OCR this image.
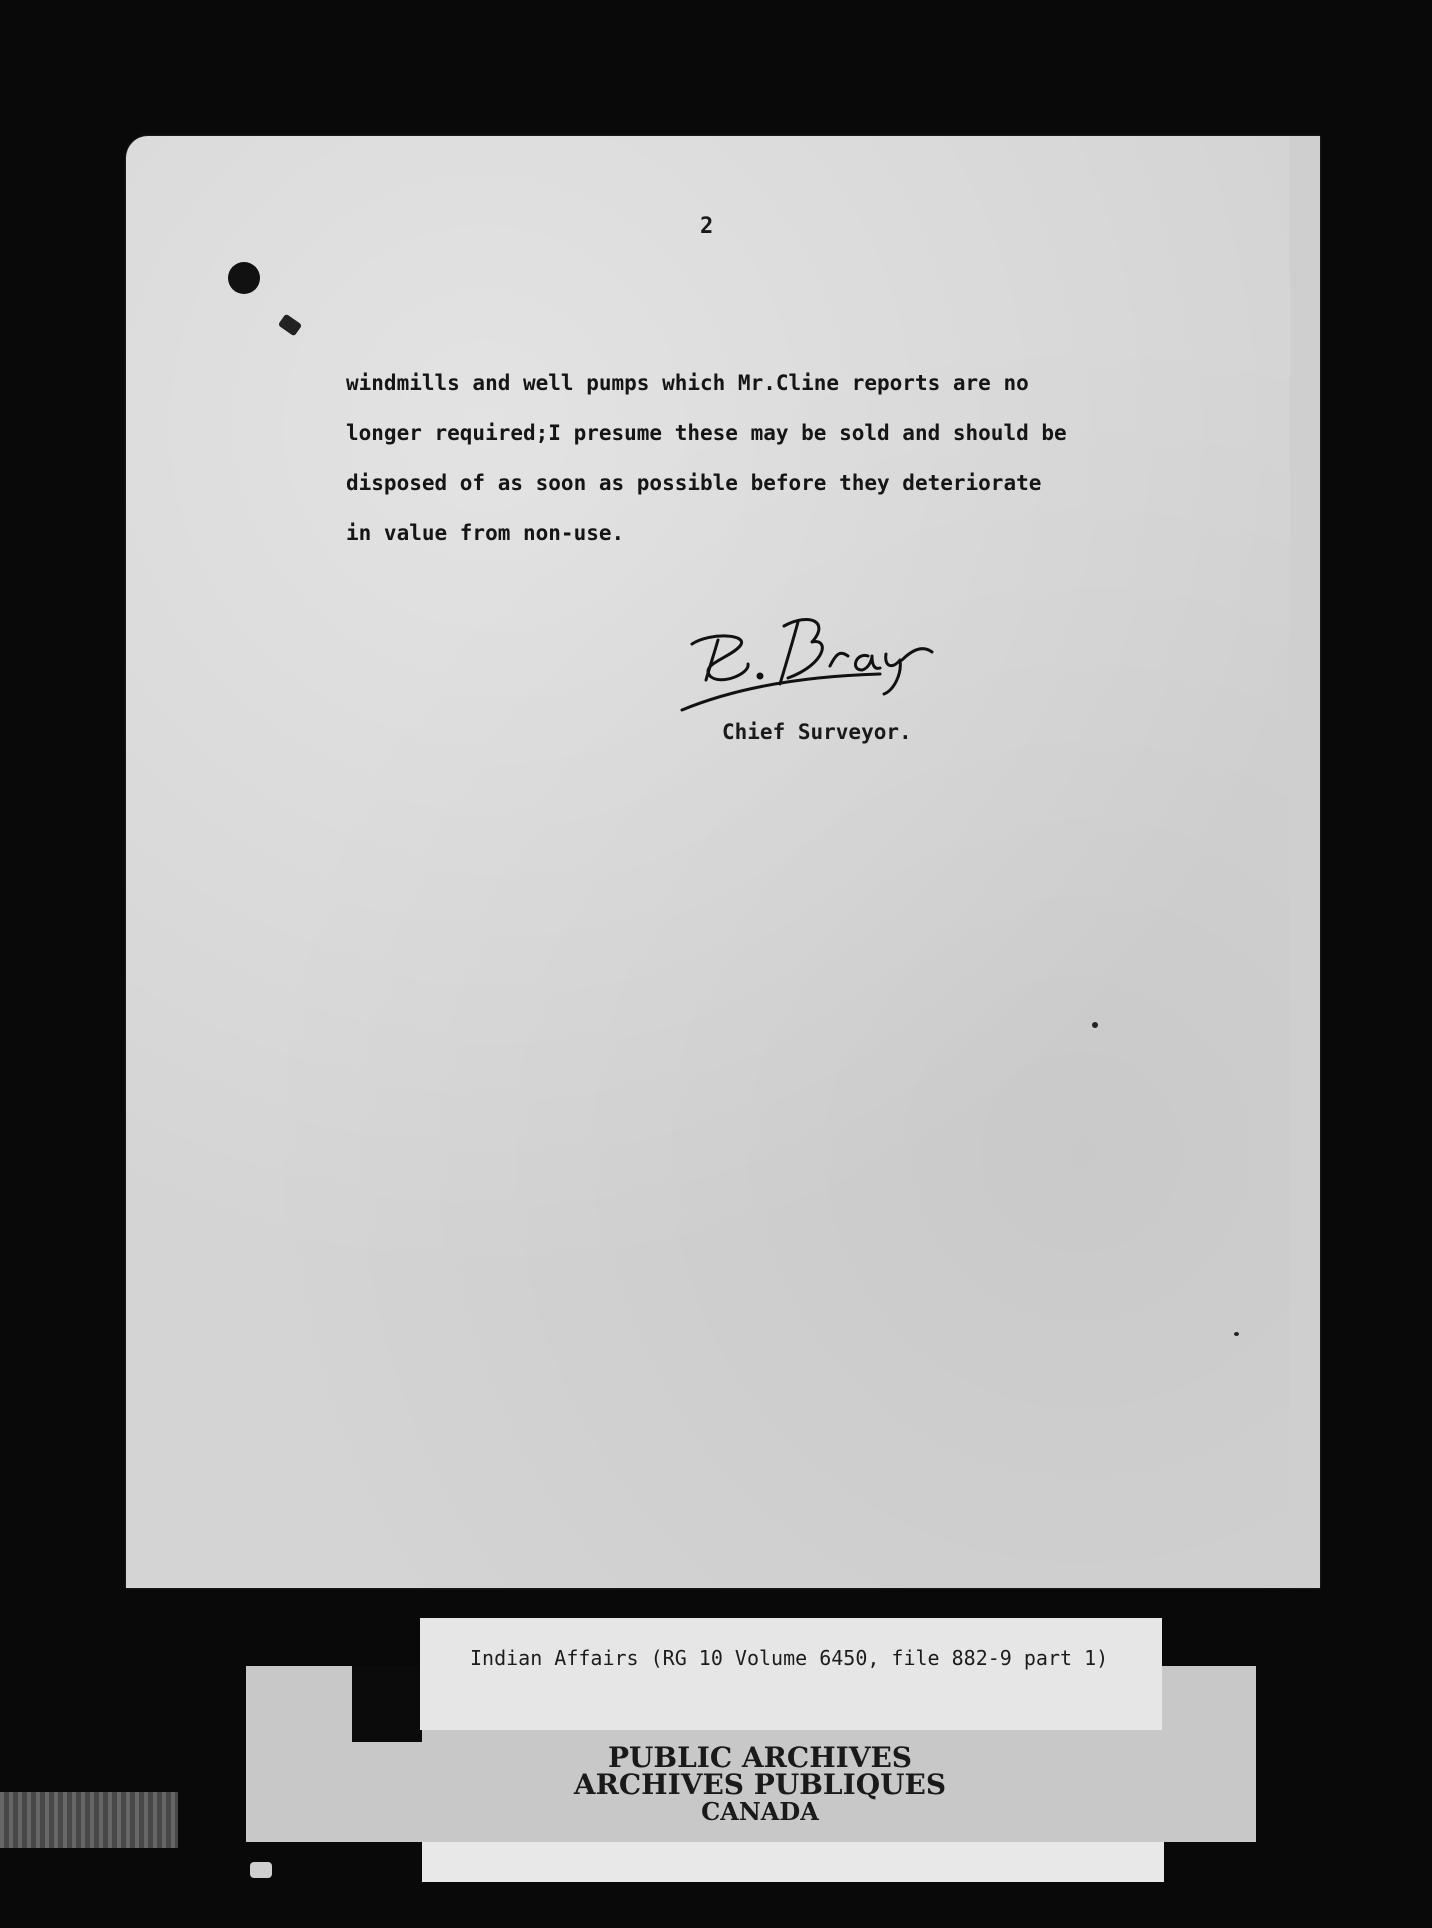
2
windmills and well pumps which Mr.Cline reports are no
longer required;I presume these may be sold and should be
disposed of as soon as possible before they deteriorate
in value from non-use.
Chief Surveyor.
Indian Affairs (RG 10 Volume 6450, file 882-9 part 1)
PUBLIC ARCHIVES
ARCHIVES PUBLIQUES
CANADA
